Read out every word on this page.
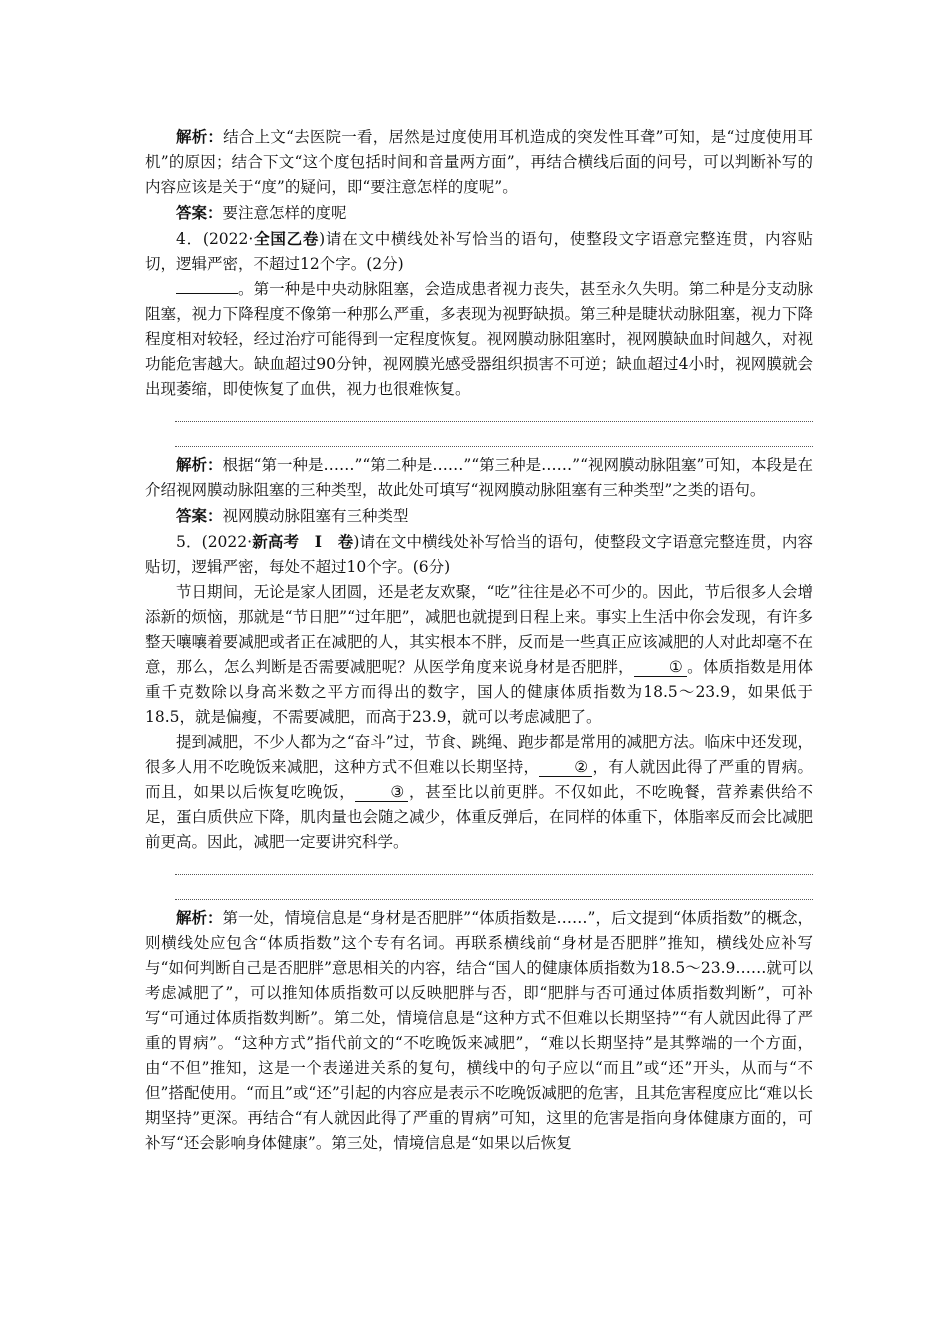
解析：结合上文“去医院一看，居然是过度使用耳机造成的突发性耳聋”可知，是“过度使用耳机”的原因；结合下文“这个度包括时间和音量两方面”，再结合横线后面的问号，可以判断补写的内容应该是关于“度”的疑问，即“要注意怎样的度呢”。

答案：要注意怎样的度呢

4．(2022·全国乙卷)请在文中横线处补写恰当的语句，使整段文字语意完整连贯，内容贴切，逻辑严密，不超过12个字。(2分)

。第一种是中央动脉阻塞，会造成患者视力丧失，甚至永久失明。第二种是分支动脉阻塞，视力下降程度不像第一种那么严重，多表现为视野缺损。第三种是睫状动脉阻塞，视力下降程度相对较轻，经过治疗可能得到一定程度恢复。视网膜动脉阻塞时，视网膜缺血时间越久，对视功能危害越大。缺血超过90分钟，视网膜光感受器组织损害不可逆；缺血超过4小时，视网膜就会出现萎缩，即使恢复了血供，视力也很难恢复。

解析：根据“第一种是……”“第二种是……”“第三种是……”“视网膜动脉阻塞”可知，本段是在介绍视网膜动脉阻塞的三种类型，故此处可填写“视网膜动脉阻塞有三种类型”之类的语句。

答案：视网膜动脉阻塞有三种类型

5．(2022·新高考　Ⅰ　卷)请在文中横线处补写恰当的语句，使整段文字语意完整连贯，内容贴切，逻辑严密，每处不超过10个字。(6分)

节日期间，无论是家人团圆，还是老友欢聚，“吃”往往是必不可少的。因此，节后很多人会增添新的烦恼，那就是“节日肥”“过年肥”，减肥也就提到日程上来。事实上生活中你会发现，有许多整天嚷嚷着要减肥或者正在减肥的人，其实根本不胖，反而是一些真正应该减肥的人对此却毫不在意，那么，怎么判断是否需要减肥呢？从医学角度来说身材是否肥胖， ① 。体质指数是用体重千克数除以身高米数之平方而得出的数字，国人的健康体质指数为18.5～23.9，如果低于18.5，就是偏瘦，不需要减肥，而高于23.9，就可以考虑减肥了。

提到减肥，不少人都为之“奋斗”过，节食、跳绳、跑步都是常用的减肥方法。临床中还发现，很多人用不吃晚饭来减肥，这种方式不但难以长期坚持， ② ，有人就因此得了严重的胃病。而且，如果以后恢复吃晚饭， ③ ，甚至比以前更胖。不仅如此，不吃晚餐，营养素供给不足，蛋白质供应下降，肌肉量也会随之减少，体重反弹后，在同样的体重下，体脂率反而会比减肥前更高。因此，减肥一定要讲究科学。

解析：第一处，情境信息是“身材是否肥胖”“体质指数是……”，后文提到“体质指数”的概念，则横线处应包含“体质指数”这个专有名词。再联系横线前“身材是否肥胖”推知，横线处应补写与“如何判断自己是否肥胖”意思相关的内容，结合“国人的健康体质指数为18.5～23.9……就可以考虑减肥了”，可以推知体质指数可以反映肥胖与否，即“肥胖与否可通过体质指数判断”，可补写“可通过体质指数判断”。第二处，情境信息是“这种方式不但难以长期坚持”“有人就因此得了严重的胃病”。“这种方式”指代前文的“不吃晚饭来减肥”，“难以长期坚持”是其弊端的一个方面，由“不但”推知，这是一个表递进关系的复句，横线中的句子应以“而且”或“还”开头，从而与“不但”搭配使用。“而且”或“还”引起的内容应是表示不吃晚饭减肥的危害，且其危害程度应比“难以长期坚持”更深。再结合“有人就因此得了严重的胃病”可知，这里的危害是指向身体健康方面的，可补写“还会影响身体健康”。第三处，情境信息是“如果以后恢复
